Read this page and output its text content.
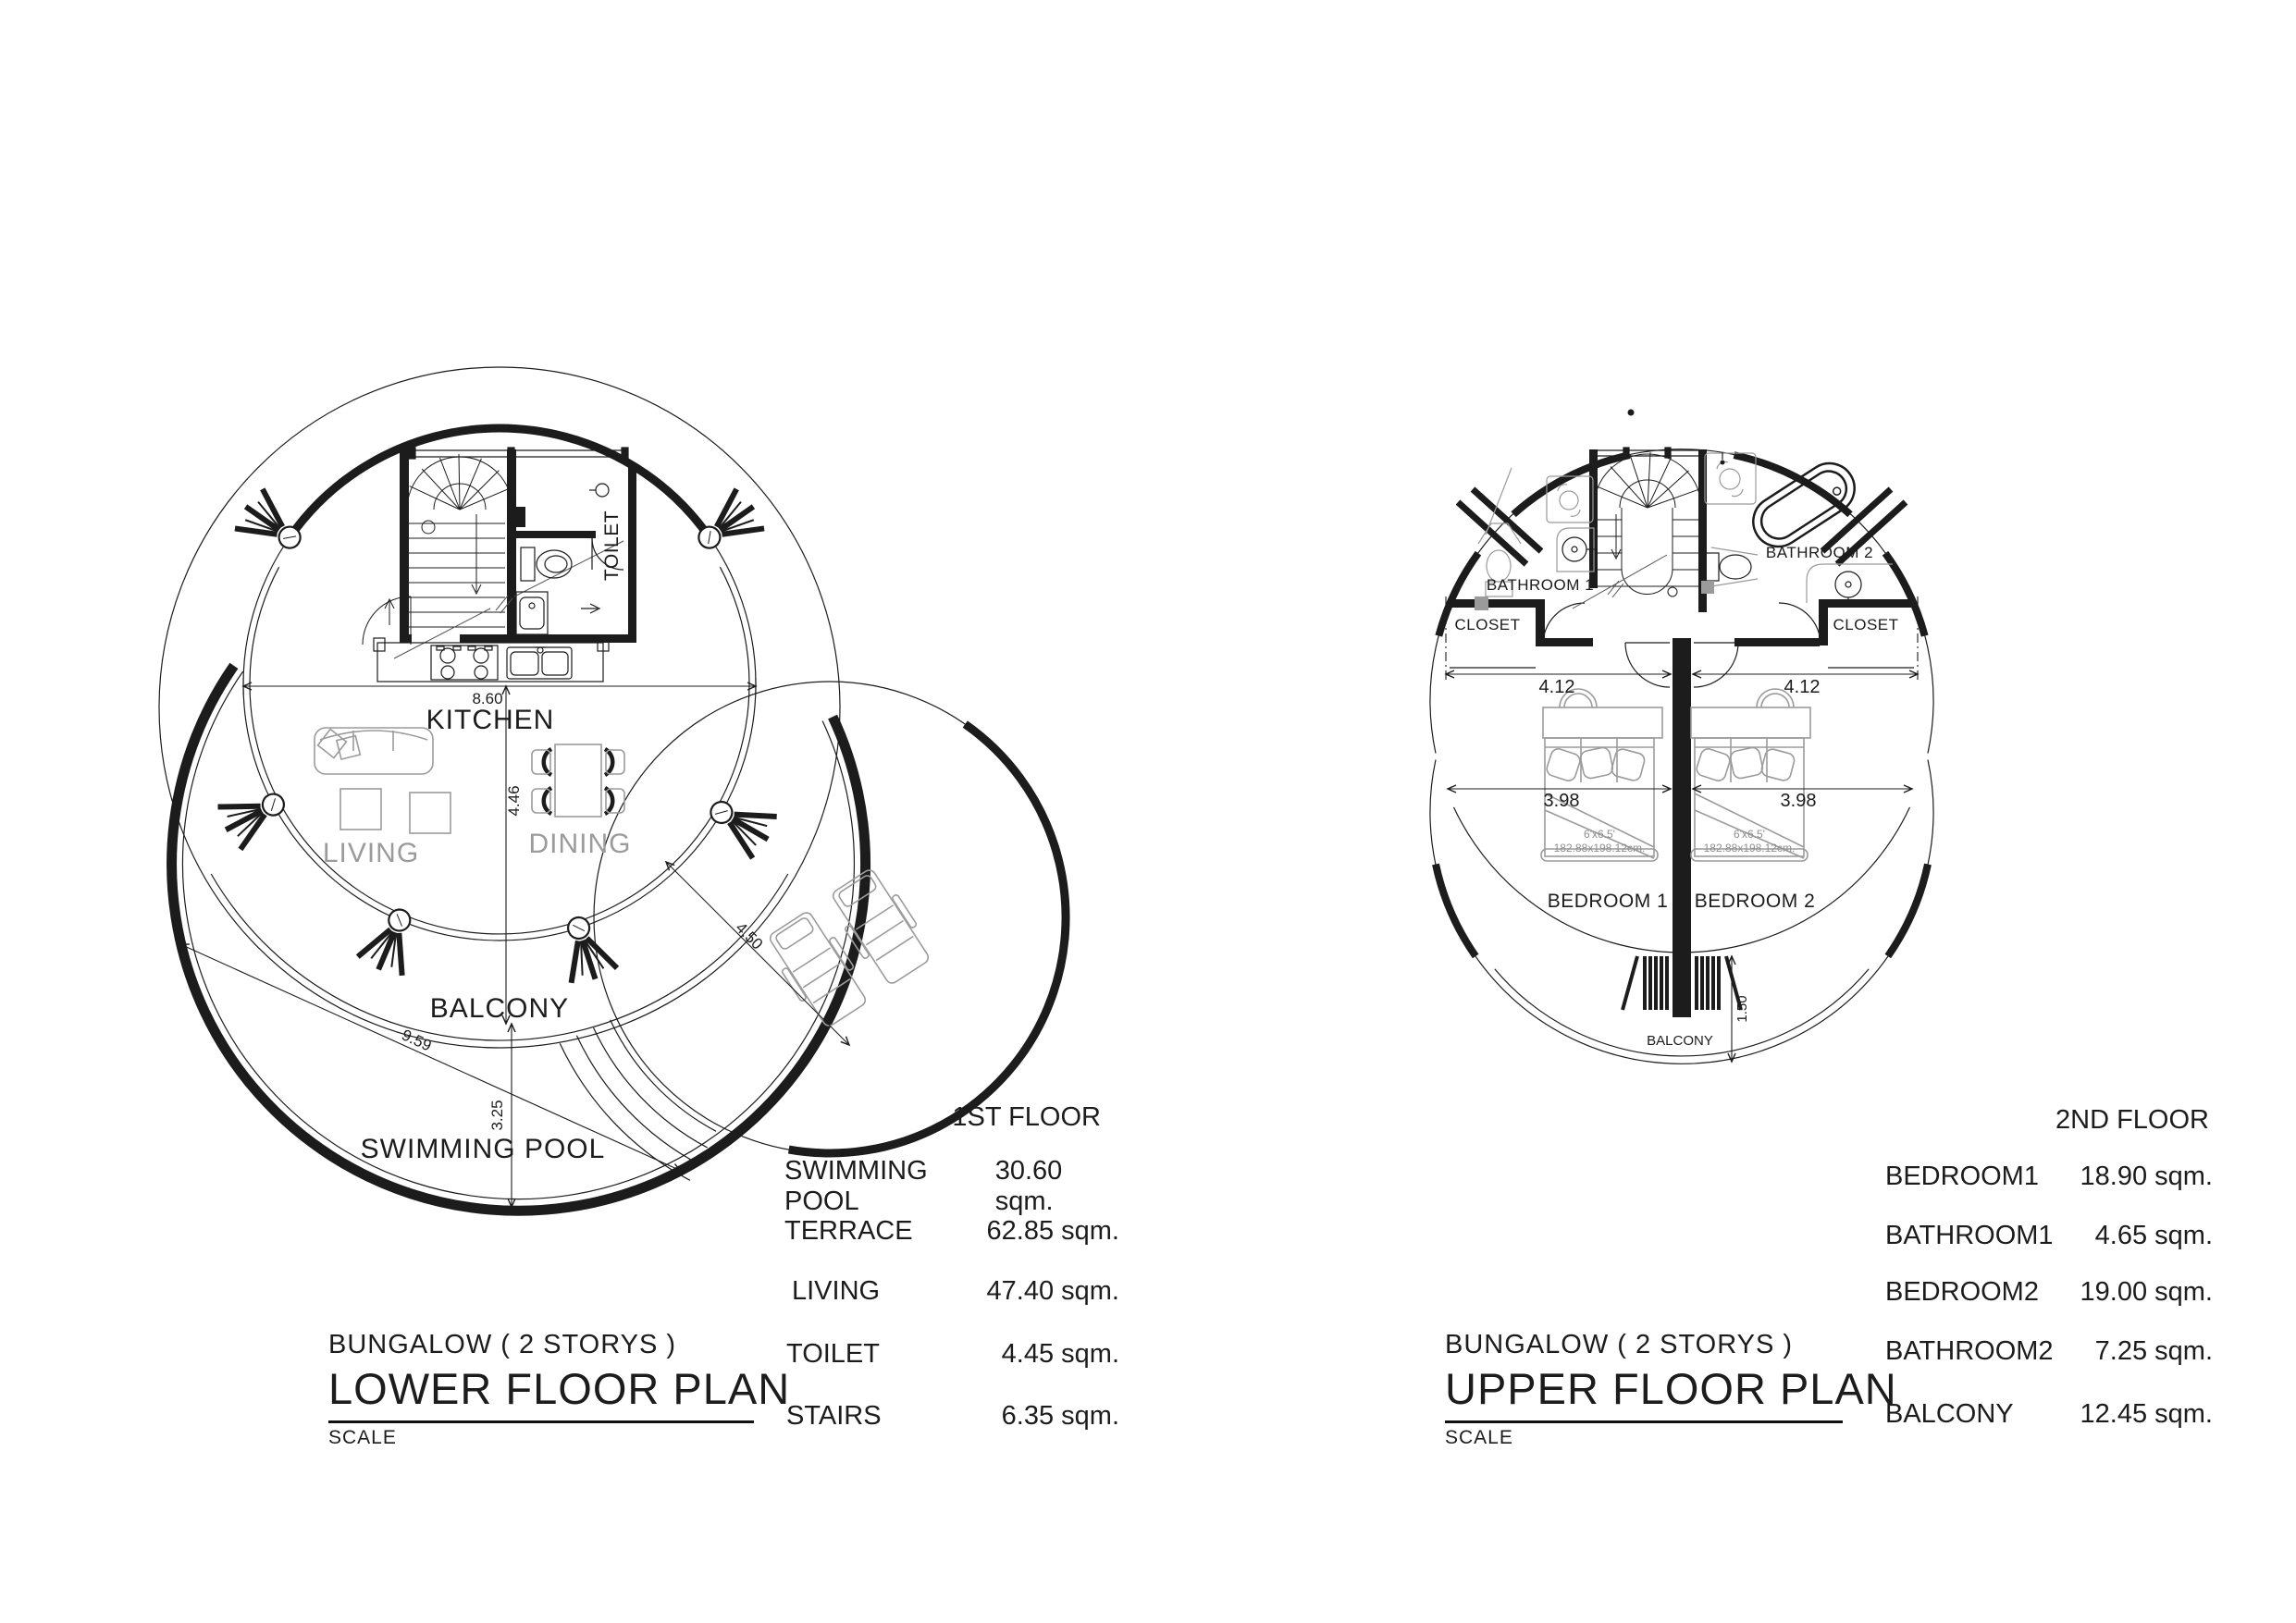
8.60
4.46
4.50
9.59
3.25
KITCHEN
LIVING	DINING
BALCONY
SWIMMING POOL
TOILET
4.12	4.12
3.98	3.98
1.50
BATHROOM 1
BATHROOM 2
CLOSET	CLOSET
BEDROOM 1 BEDROOM 2
BALCONY
6'x6.5'
182.88x198.12cm.
6'x6.5'
182.88x198.12cm.
1ST FLOOR
SWIMMING POOL
30.60 sqm.
TERRACE	62.85 sqm.
LIVING	47.40 sqm.
TOILET	4.45 sqm.
STAIRS	6.35 sqm.
2ND FLOOR
BEDROOM1 18.90 sqm.
BATHROOM1 4.65 sqm.
BEDROOM2 19.00 sqm.
BATHROOM2 7.25 sqm.
BALCONY 12.45 sqm.
BUNGALOW ( 2 STORYS )
LOWER FLOOR PLAN
SCALE
BUNGALOW ( 2 STORYS )
UPPER FLOOR PLAN
SCALE
